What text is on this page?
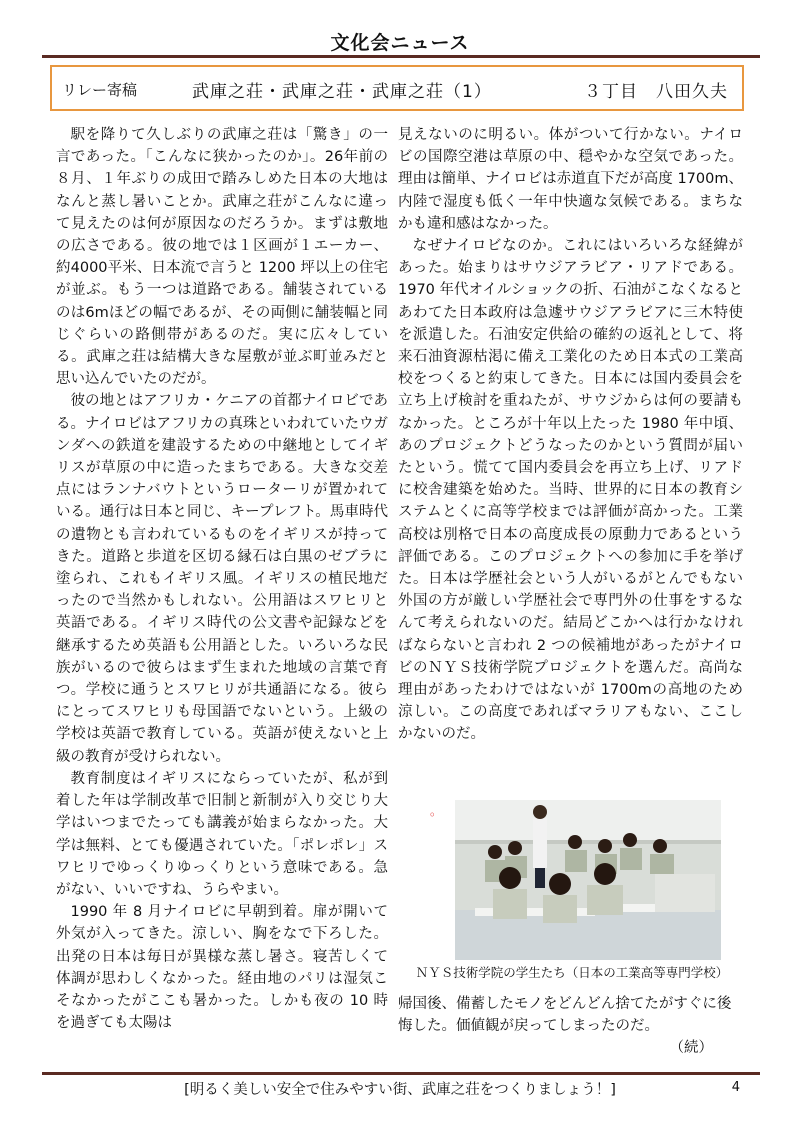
文化会ニュース
リレー寄稿	武庫之荘・武庫之荘・武庫之荘（1）	３丁目　八田久夫

駅を降りて久しぶりの武庫之荘は「驚き」の一言であった。「こんなに狭かったのか」。26年前の８月、１年ぶりの成田で踏みしめた日本の大地はなんと蒸し暑いことか。武庫之荘がこんなに違って見えたのは何が原因なのだろうか。まずは敷地の広さである。彼の地では１区画が１エーカー、約4000平米、日本流で言うと 1200 坪以上の住宅が並ぶ。もう一つは道路である。舗装されているのは6mほどの幅であるが、その両側に舗装幅と同じぐらいの路側帯があるのだ。実に広々している。武庫之荘は結構大きな屋敷が並ぶ町並みだと思い込んでいたのだが。

彼の地とはアフリカ・ケニアの首都ナイロビである。ナイロビはアフリカの真珠といわれていたウガンダへの鉄道を建設するための中継地としてイギリスが草原の中に造ったまちである。大きな交差点にはランナバウトというローターリが置かれている。通行は日本と同じ、キープレフト。馬車時代の遺物とも言われているものをイギリスが持ってきた。道路と歩道を区切る縁石は白黒のゼブラに塗られ、これもイギリス風。イギリスの植民地だったので当然かもしれない。公用語はスワヒリと英語である。イギリス時代の公文書や記録などを継承するため英語も公用語とした。いろいろな民族がいるので彼らはまず生まれた地域の言葉で育つ。学校に通うとスワヒリが共通語になる。彼らにとってスワヒリも母国語でないという。上級の学校は英語で教育している。英語が使えないと上級の教育が受けられない。

教育制度はイギリスにならっていたが、私が到着した年は学制改革で旧制と新制が入り交じり大学はいつまでたっても講義が始まらなかった。大学は無料、とても優遇されていた。「ポレポレ」スワヒリでゆっくりゆっくりという意味である。急がない、いいですね、うらやまい。

1990 年 8 月ナイロビに早朝到着。扉が開いて外気が入ってきた。涼しい、胸をなで下ろした。出発の日本は毎日が異様な蒸し暑さ。寝苦しくて体調が思わしくなかった。経由地のパリは湿気こそなかったがここも暑かった。しかも夜の 10 時を過ぎても太陽は

見えないのに明るい。体がついて行かない。ナイロビの国際空港は草原の中、穏やかな空気であった。理由は簡単、ナイロビは赤道直下だが高度 1700m、内陸で湿度も低く一年中快適な気候である。まちなかも違和感はなかった。

なぜナイロビなのか。これにはいろいろな経緯があった。始まりはサウジアラビア・リアドである。1970 年代オイルショックの折、石油がこなくなるとあわてた日本政府は急遽サウジアラビアに三木特使を派遣した。石油安定供給の確約の返礼として、将来石油資源枯渇に備え工業化のため日本式の工業高校をつくると約束してきた。日本には国内委員会を立ち上げ検討を重ねたが、サウジからは何の要請もなかった。ところが十年以上たった 1980 年中頃、あのプロジェクトどうなったのかという質問が届いたという。慌てて国内委員会を再立ち上げ、リアドに校舎建築を始めた。当時、世界的に日本の教育システムとくに高等学校までは評価が高かった。工業高校は別格で日本の高度成長の原動力であるという評価である。このプロジェクトへの参加に手を挙げた。日本は学歴社会という人がいるがとんでもない外国の方が厳しい学歴社会で専門外の仕事をするなんて考えられないのだ。結局どこかへは行かなければならないと言われ 2 つの候補地があったがナイロビのＮＹＳ技術学院プロジェクトを選んだ。高尚な理由があったわけではないが 1700mの高地のため涼しい。この高度であればマラリアもない、ここしかないのだ。

。
ＮＹＳ技術学院の学生たち（日本の工業高等専門学校）

帰国後、備蓄したモノをどんどん捨てたがすぐに後悔した。価値観が戻ってしまったのだ。

（続）

[明るく美しい安全で住みやすい街、武庫之荘をつくりましょう！]	4
